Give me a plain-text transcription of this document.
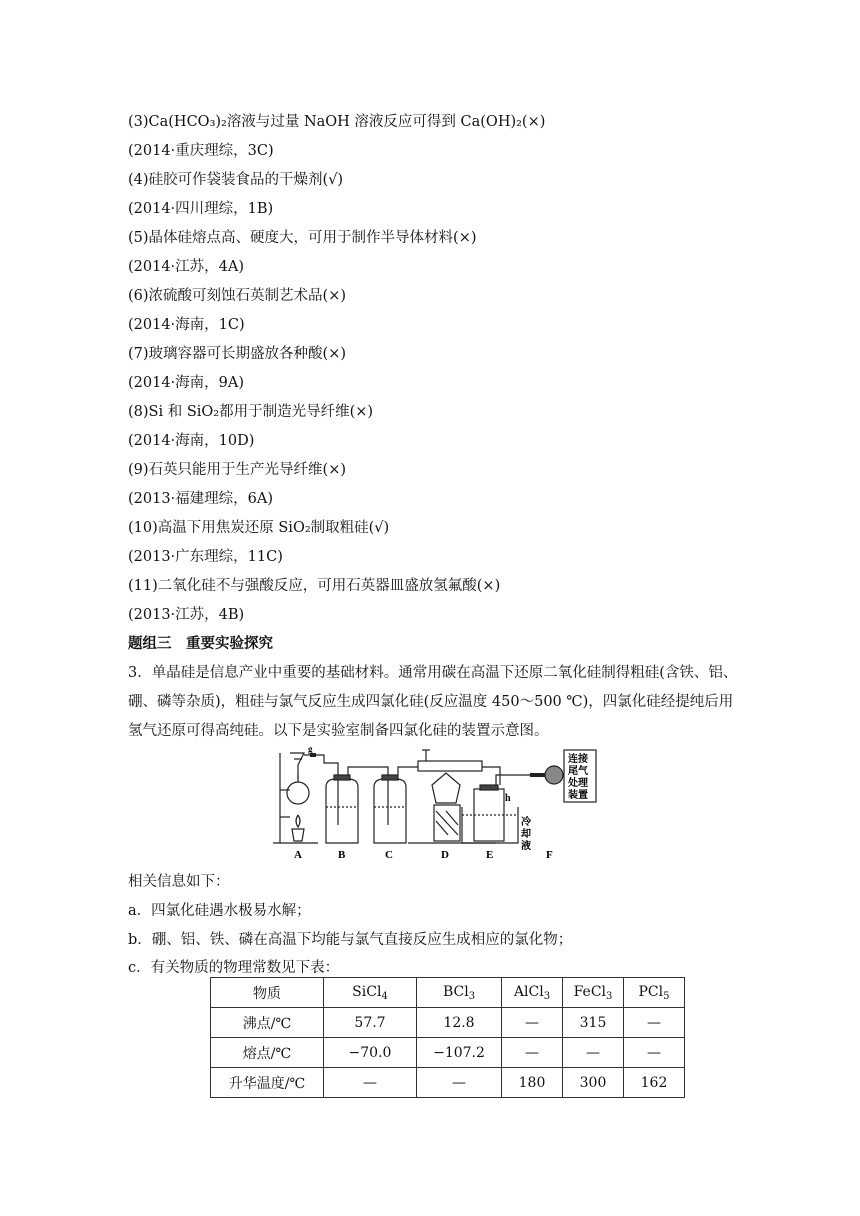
(3)Ca(HCO₃)₂溶液与过量 NaOH 溶液反应可得到 Ca(OH)₂(×)
(2014·重庆理综，3C)
(4)硅胶可作袋装食品的干燥剂(√)
(2014·四川理综，1B)
(5)晶体硅熔点高、硬度大，可用于制作半导体材料(×)
(2014·江苏，4A)
(6)浓硫酸可刻蚀石英制艺术品(×)
(2014·海南，1C)
(7)玻璃容器可长期盛放各种酸(×)
(2014·海南，9A)
(8)Si 和 SiO₂都用于制造光导纤维(×)
(2014·海南，10D)
(9)石英只能用于生产光导纤维(×)
(2013·福建理综，6A)
(10)高温下用焦炭还原 SiO₂制取粗硅(√)
(2013·广东理综，11C)
(11)二氧化硅不与强酸反应，可用石英器皿盛放氢氟酸(×)
(2013·江苏，4B)
题组三　重要实验探究
3．单晶硅是信息产业中重要的基础材料。通常用碳在高温下还原二氧化硅制得粗硅(含铁、铝、硼、磷等杂质)，粗硅与氯气反应生成四氯化硅(反应温度 450～500 ℃)，四氯化硅经提纯后用氢气还原可得高纯硅。以下是实验室制备四氯化硅的装置示意图。
g
h
A	B	C	D	E	F
连接
尾气
处理
装置
冷
却
液
相关信息如下：
a．四氯化硅遇水极易水解；
b．硼、铝、铁、磷在高温下均能与氯气直接反应生成相应的氯化物；
c．有关物质的物理常数见下表：
物质	SiCl$_4$	BCl$_3$	AlCl$_3$	FeCl$_3$	PCl$_5$
沸点/℃	57.7	12.8	—	315	—
熔点/℃	−70.0	−107.2	—	—	—
升华温度/℃	—	—	180	300	162
